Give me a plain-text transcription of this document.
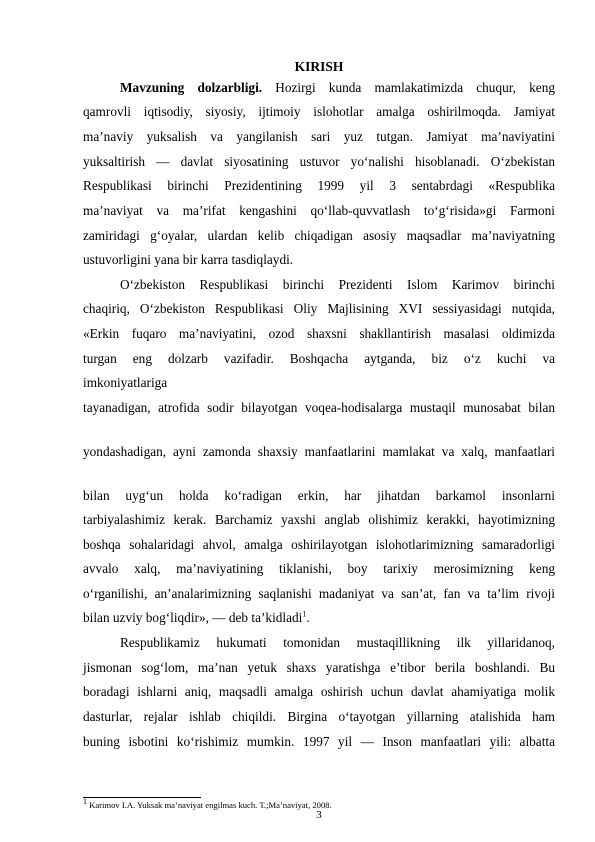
KIRISH
Mavzuning dolzarbligi. Hozirgi kunda mamlakatimizda chuqur, keng
qamrovli iqtisodiy, siyosiy, ijtimoiy islohotlar amalga oshirilmoqda. Jamiyat
ma’naviy yuksalish va yangilanish sari yuz tutgan. Jamiyat ma’naviyatini
yuksaltirish — davlat siyosatining ustuvor yo‘nalishi hisoblanadi. O‘zbekistan
Respublikasi birinchi Prezidentining 1999 yil 3 sentabrdagi «Respublika
ma’naviyat va ma’rifat kengashini qo‘llab-quvvatlash to‘g‘risida»gi Farmoni
zamiridagi g‘oyalar, ulardan kelib chiqadigan asosiy maqsadlar ma’naviyatning
ustuvorligini yana bir karra tasdiqlaydi.
O‘zbekiston Respublikasi birinchi Prezidenti Islom Karimov birinchi
chaqiriq, O‘zbekiston Respublikasi Oliy Majlisining XVI sessiyasidagi nutqida,
«Erkin fuqaro ma’naviyatini, ozod shaxsni shakllantirish masalasi oldimizda
turgan eng dolzarb vazifadir. Boshqacha aytganda, biz o‘z kuchi va
imkoniyatlariga
tayanadigan, atrofida sodir bilayotgan voqea-hodisalarga mustaqil munosabat bilan
yondashadigan, ayni zamonda shaxsiy manfaatlarini mamlakat va xalq, manfaatlari
bilan uyg‘un holda ko‘radigan erkin, har jihatdan barkamol insonlarni
tarbiyalashimiz kerak. Barchamiz yaxshi anglab olishimiz kerakki, hayotimizning
boshqa sohalaridagi ahvol, amalga oshirilayotgan islohotlarimizning samaradorligi
avvalo xalq, ma’naviyatining tiklanishi, boy tarixiy merosimizning keng
o‘rganilishi, an’analarimizning saqlanishi madaniyat va san’at, fan va ta’lim rivoji
bilan uzviy bog‘liqdir», — deb ta’kidladi$^1$.
Respublikamiz hukumati tomonidan mustaqillikning ilk yillaridanoq,
jismonan sog‘lom, ma’nan yetuk shaxs yaratishga e’tibor berila boshlandi. Bu
boradagi ishlarni aniq, maqsadli amalga oshirish uchun davlat ahamiyatiga molik
dasturlar, rejalar ishlab chiqildi. Birgina o‘tayotgan yillarning atalishida ham
buning isbotini ko‘rishimiz mumkin. 1997 yil — Inson manfaatlari yili: albatta
$^1$ Karimov I.A. Yuksak ma’naviyat engilmas kuch. T.;Ma’naviyat, 2008.
3
